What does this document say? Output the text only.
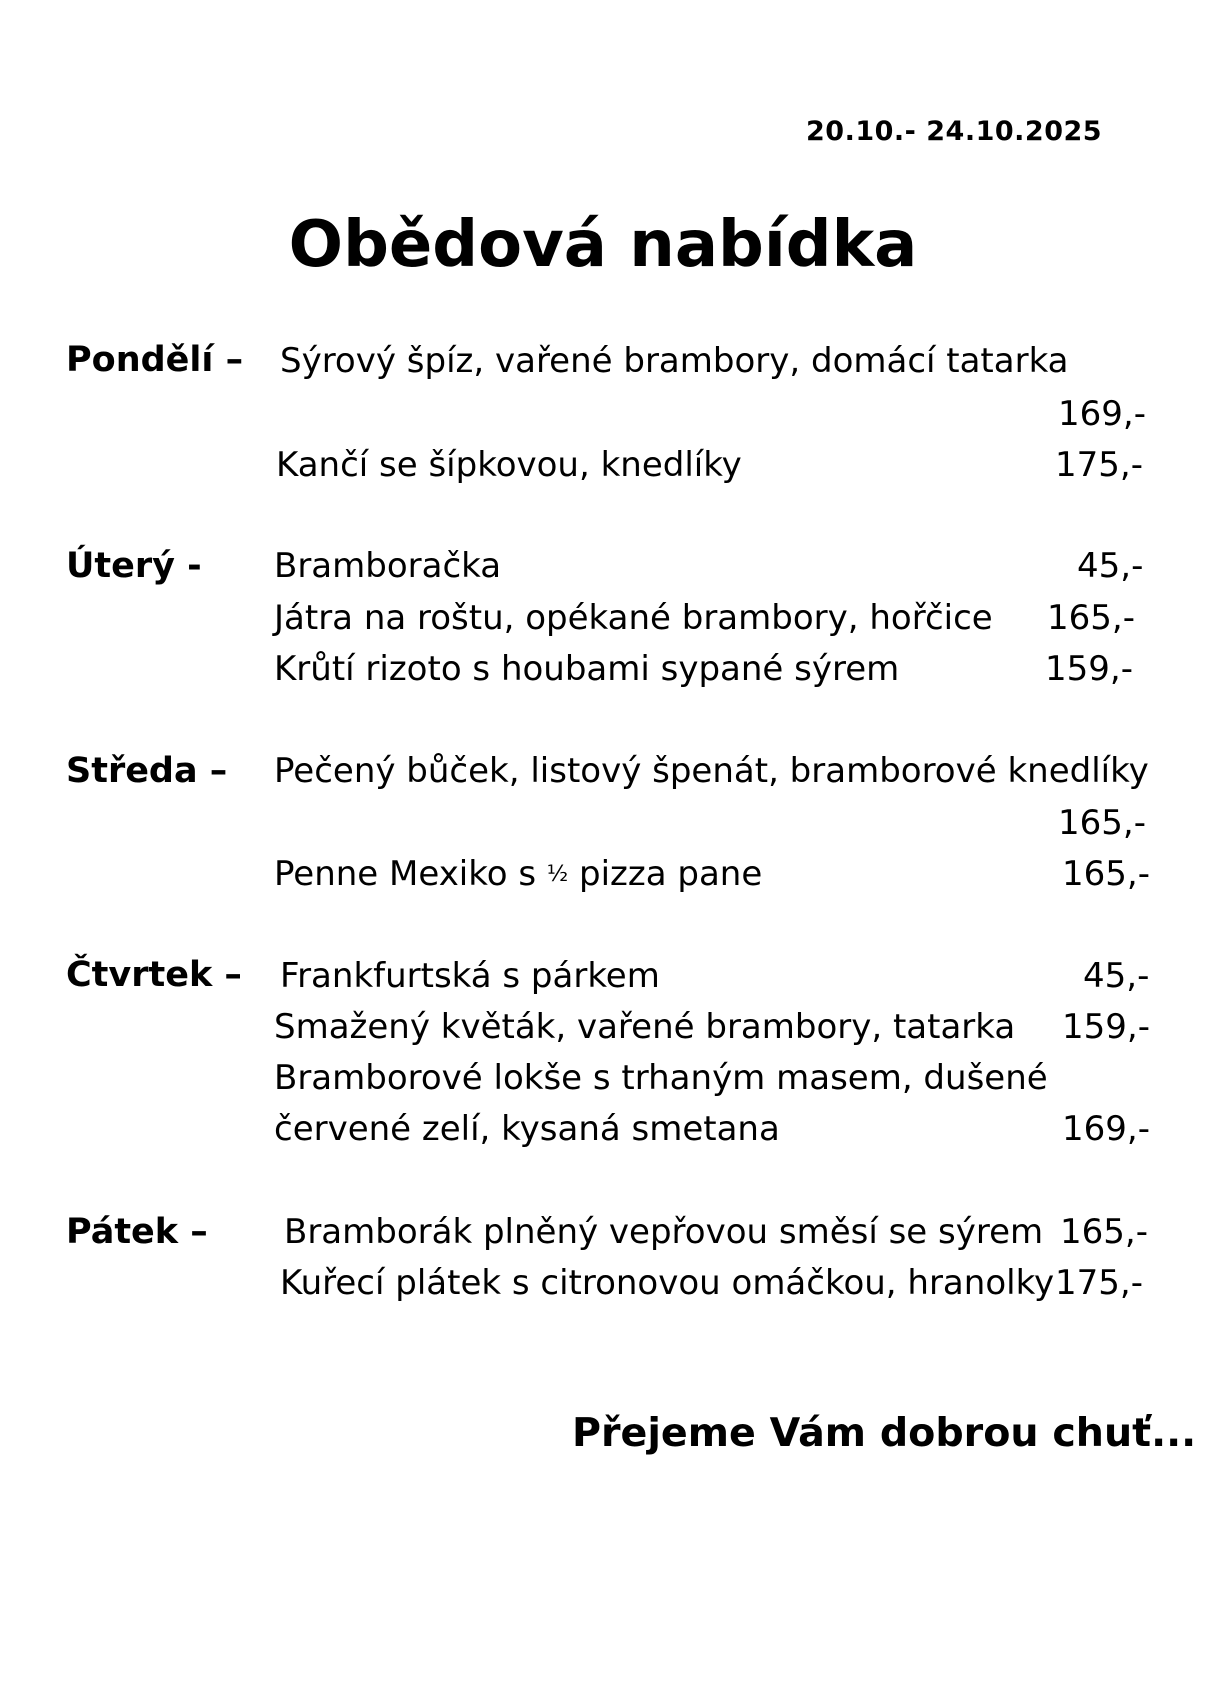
20.10.- 24.10.2025
Obědová nabídka
Pondělí – Sýrový špíz, vařené brambory, domácí tatarka
169,-
Kančí se šípkovou, knedlíky	175,-
Úterý - Bramboračka	45,-
Játra na roštu, opékané brambory, hořčice 165,-
Krůtí rizoto s houbami sypané sýrem	159,-
Středa – Pečený bůček, listový špenát, bramborové knedlíky
165,-
Penne Mexiko s ½ pizza pane	165,-
Čtvrtek – Frankfurtská s párkem	45,-
Smažený květák, vařené brambory, tatarka 159,-
Bramborové lokše s trhaným masem, dušené
červené zelí, kysaná smetana	169,-
Pátek – Bramborák plněný vepřovou směsí se sýrem 165,-
Kuřecí plátek s citronovou omáčkou, hranolky 175,-
Přejeme Vám dobrou chuť...
